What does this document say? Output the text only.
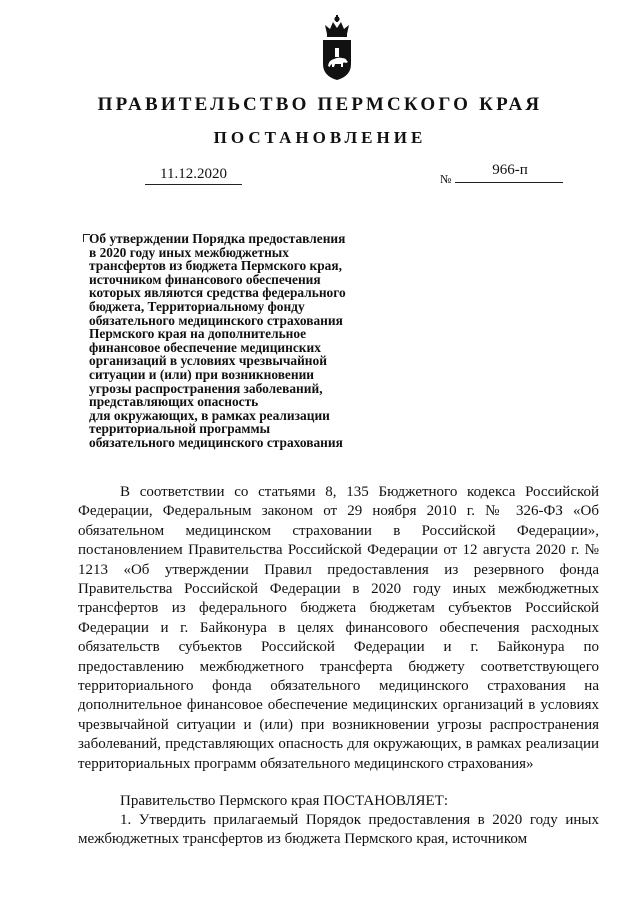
ПРАВИТЕЛЬСТВО ПЕРМСКОГО КРАЯ
ПОСТАНОВЛЕНИЕ
11.12.2020	№
966-п
Об утверждении Порядка предоставления
в 2020 году иных межбюджетных
трансфертов из бюджета Пермского края,
источником финансового обеспечения
которых являются средства федерального
бюджета, Территориальному фонду
обязательного медицинского страхования
Пермского края на дополнительное
финансовое обеспечение медицинских
организаций в условиях чрезвычайной
ситуации и (или) при возникновении
угрозы распространения заболеваний,
представляющих опасность
для окружающих, в рамках реализации
территориальной программы
обязательного медицинского страхования

В соответствии со статьями 8, 135 Бюджетного кодекса Российской Федерации, Федеральным законом от 29 ноября 2010 г. № 326-ФЗ «Об обязательном медицинском страховании в Российской Федерации», постановлением Правительства Российской Федерации от 12 августа 2020 г. № 1213 «Об утверждении Правил предоставления из резервного фонда Правительства Российской Федерации в 2020 году иных межбюджетных трансфертов из федерального бюджета бюджетам субъектов Российской Федерации и г. Байконура в целях финансового обеспечения расходных обязательств субъектов Российской Федерации и г. Байконура по предоставлению межбюджетного трансферта бюджету соответствующего территориального фонда обязательного медицинского страхования на дополнительное финансовое обеспечение медицинских организаций в условиях чрезвычайной ситуации и (или) при возникновении угрозы распространения заболеваний, представляющих опасность для окружающих, в рамках реализации территориальных программ обязательного медицинского страхования»

Правительство Пермского края ПОСТАНОВЛЯЕТ:

1. Утвердить прилагаемый Порядок предоставления в 2020 году иных межбюджетных трансфертов из бюджета Пермского края, источником
